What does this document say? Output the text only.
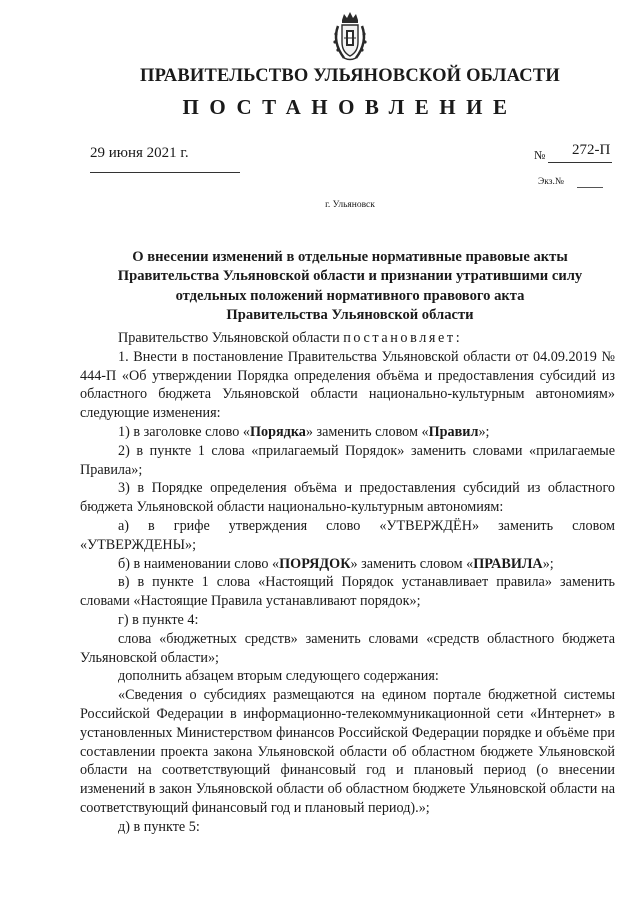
ПРАВИТЕЛЬСТВО УЛЬЯНОВСКОЙ ОБЛАСТИ
ПОСТАНОВЛЕНИЕ
29 июня 2021 г.	№ 272-П
Экз.№
г. Ульяновск
О внесении изменений в отдельные нормативные правовые акты
Правительства Ульяновской области и признании утратившими силу
отдельных положений нормативного правового акта
Правительства Ульяновской области

Правительство Ульяновской области постановляет:

1. Внести в постановление Правительства Ульяновской области от 04.09.2019 № 444-П «Об утверждении Порядка определения объёма и предоставления субсидий из областного бюджета Ульяновской области национально-культурным автономиям» следующие изменения:

1) в заголовке слово «Порядка» заменить словом «Правил»;

2) в пункте 1 слова «прилагаемый Порядок» заменить словами «прилагаемые Правила»;

3) в Порядке определения объёма и предоставления субсидий из областного бюджета Ульяновской области национально-культурным автономиям:

а) в грифе утверждения слово «УТВЕРЖДЁН» заменить словом «УТВЕРЖДЕНЫ»;

б) в наименовании слово «ПОРЯДОК» заменить словом «ПРАВИЛА»;

в) в пункте 1 слова «Настоящий Порядок устанавливает правила» заменить словами «Настоящие Правила устанавливают порядок»;

г) в пункте 4:

слова «бюджетных средств» заменить словами «средств областного бюджета Ульяновской области»;

дополнить абзацем вторым следующего содержания:

«Сведения о субсидиях размещаются на едином портале бюджетной системы Российской Федерации в информационно-телекоммуникационной сети «Интернет» в установленных Министерством финансов Российской Федерации порядке и объёме при составлении проекта закона Ульяновской области об областном бюджете Ульяновской области на соответствующий финансовый год и плановый период (о внесении изменений в закон Ульяновской области об областном бюджете Ульяновской области на соответствующий финансовый год и плановый период).»;

д) в пункте 5:
